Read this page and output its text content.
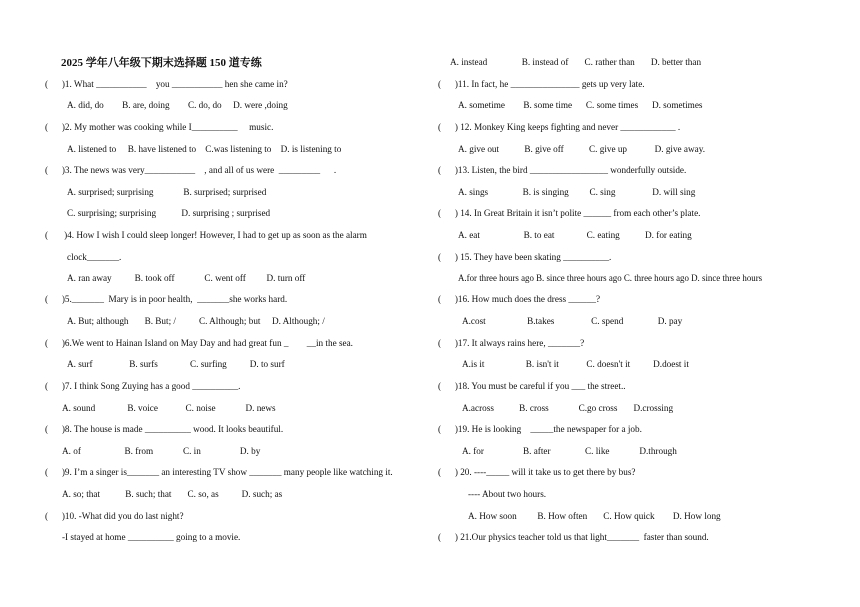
2025 学年八年级下期末选择题 150 道专练
(      )1. What ___________    you ___________ hen she came in?
A. did, do        B. are, doing        C. do, do     D. were ,doing
(      )2. My mother was cooking while I__________     music.
A. listened to     B. have listened to    C.was listening to    D. is listening to
(      )3. The news was very___________    , and all of us were  _________      .
A. surprised; surprising             B. surprised; surprised
C. surprising; surprising           D. surprising ; surprised
(       )4. How I wish I could sleep longer! However, I had to get up as soon as the alarm
clock_______.
A. ran away          B. took off             C. went off         D. turn off
(      )5._______  Mary is in poor health,  _______she works hard.
A. But; although       B. But; /          C. Although; but     D. Although; /
(      )6.We went to Hainan Island on May Day and had great fun _        __in the sea.
A. surf                B. surfs              C. surfing          D. to surf
(      )7. I think Song Zuying has a good __________.
A. sound              B. voice            C. noise             D. news
(      )8. The house is made __________ wood. It looks beautiful.
A. of                   B. from             C. in                 D. by
(      )9. I’m a singer is_______ an interesting TV show _______ many people like watching it.
A. so; that           B. such; that       C. so, as          D. such; as
(      )10. -What did you do last night?
-I stayed at home __________ going to a movie.
A. instead               B. instead of       C. rather than       D. better than
(      )11. In fact, he _______________ gets up very late.
A. sometime        B. some time      C. some times      D. sometimes
(      ) 12. Monkey King keeps fighting and never ____________ .
A. give out           B. give off           C. give up            D. give away.
(      )13. Listen, the bird _________________ wonderfully outside.
A. sings               B. is singing         C. sing                D. will sing
(      ) 14. In Great Britain it isn’t polite ______ from each other’s plate.
A. eat                   B. to eat              C. eating           D. for eating
(      ) 15. They have been skating __________.
A.for three hours ago B. since three hours ago C. three hours ago D. since three hours
(      )16. How much does the dress ______?
A.cost                  B.takes                C. spend               D. pay
(      )17. It always rains here, _______?
A.is it                  B. isn't it            C. doesn't it          D.doest it
(      )18. You must be careful if you ___ the street..
A.across           B. cross             C.go cross       D.crossing
(      )19. He is looking    _____the newspaper for a job.
A. for                 B. after               C. like             D.through
(      ) 20. ----_____ will it take us to get there by bus?
---- About two hours.
A. How soon         B. How often       C. How quick        D. How long
(      ) 21.Our physics teacher told us that light_______  faster than sound.
